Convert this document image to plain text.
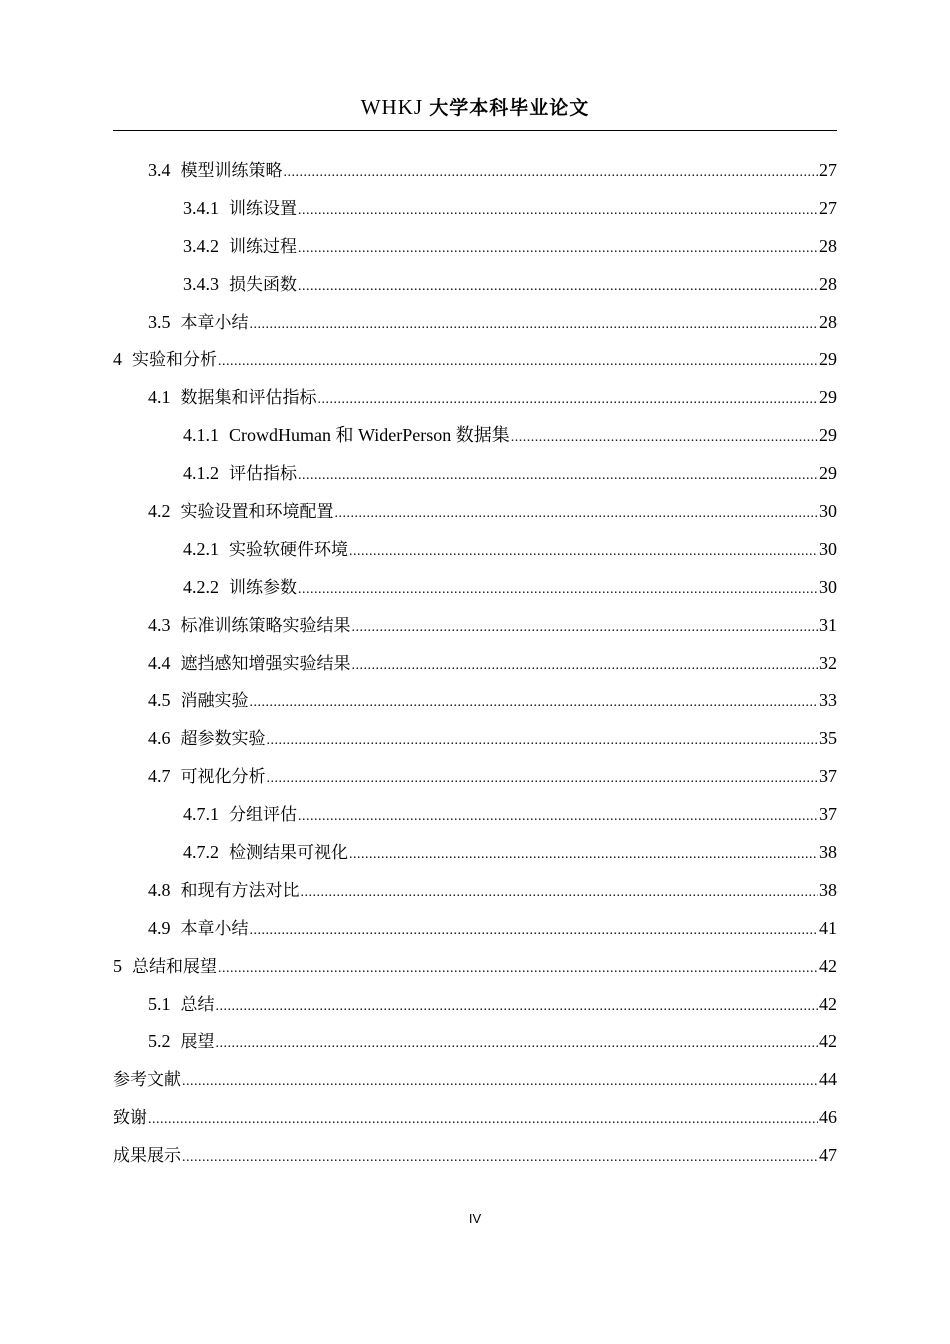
WHKJ 大学本科毕业论文
3.4 模型训练策略 .....	27
3.4.1 训练设置 .....	27
3.4.2 训练过程 .....	28
3.4.3 损失函数 .....	28
3.5 本章小结 .....	28
4 实验和分析 .....	29
4.1 数据集和评估指标 .....	29
4.1.1 CrowdHuman 和 WiderPerson 数据集 .....	29
4.1.2 评估指标 .....	29
4.2 实验设置和环境配置 .....	30
4.2.1 实验软硬件环境 .....	30
4.2.2 训练参数 .....	30
4.3 标准训练策略实验结果 .....	31
4.4 遮挡感知增强实验结果 .....	32
4.5 消融实验 .....	33
4.6 超参数实验 .....	35
4.7 可视化分析 .....	37
4.7.1 分组评估 .....	37
4.7.2 检测结果可视化 .....	38
4.8 和现有方法对比 .....	38
4.9 本章小结 .....	41
5 总结和展望 .....	42
5.1 总结 .....	42
5.2 展望 .....	42
参考文献 .....	44
致谢 .....	46
成果展示 .....	47
IV
